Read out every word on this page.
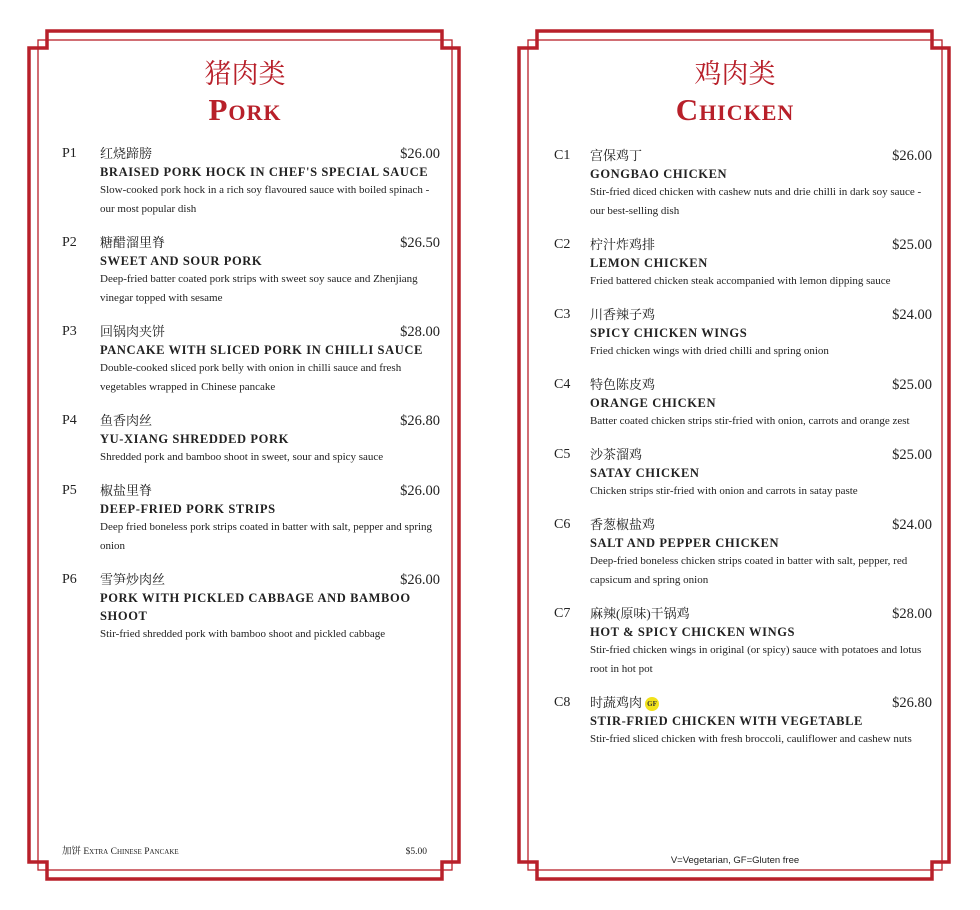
猪肉类
Pork
P1	红烧蹄膀	$26.00
BRAISED PORK HOCK IN CHEF'S SPECIAL SAUCE
Slow-cooked pork hock in a rich soy flavoured sauce with boiled spinach - our most popular dish
P2	糖醋溜里脊	$26.50
SWEET AND SOUR PORK
Deep-fried batter coated pork strips with sweet soy sauce and Zhenjiang vinegar topped with sesame
P3	回锅肉夹饼	$28.00
PANCAKE WITH SLICED PORK IN CHILLI SAUCE
Double-cooked sliced pork belly with onion in chilli sauce and fresh vegetables wrapped in Chinese pancake
P4	鱼香肉丝	$26.80
YU-XIANG SHREDDED PORK
Shredded pork and bamboo shoot in sweet, sour and spicy sauce
P5	椒盐里脊	$26.00
DEEP-FRIED PORK STRIPS
Deep fried boneless pork strips coated in batter with salt, pepper and spring onion
P6	雪笋炒肉丝	$26.00
PORK WITH PICKLED CABBAGE AND BAMBOO SHOOT
Stir-fried shredded pork with bamboo shoot and pickled cabbage
加饼 Extra Chinese Pancake	$5.00
鸡肉类
Chicken
C1	宫保鸡丁	$26.00
GONGBAO CHICKEN
Stir-fried diced chicken with cashew nuts and drie chilli in dark soy sauce - our best-selling dish
C2	柠汁炸鸡排	$25.00
LEMON CHICKEN
Fried battered chicken steak accompanied with lemon dipping sauce
C3	川香辣子鸡	$24.00
SPICY CHICKEN WINGS
Fried chicken wings with dried chilli and spring onion
C4	特色陈皮鸡	$25.00
ORANGE CHICKEN
Batter coated chicken strips stir-fried with onion, carrots and orange zest
C5	沙茶溜鸡	$25.00
SATAY CHICKEN
Chicken strips stir-fried with onion and carrots in satay paste
C6	香葱椒盐鸡	$24.00
SALT AND PEPPER CHICKEN
Deep-fried boneless chicken strips coated in batter with salt, pepper, red capsicum and spring onion
C7	麻辣(原味)干锅鸡	$28.00
HOT & SPICY CHICKEN WINGS
Stir-fried chicken wings in original (or spicy) sauce with potatoes and lotus root in hot pot
C8	时蔬鸡肉 GF	$26.80
STIR-FRIED CHICKEN WITH VEGETABLE
Stir-fried sliced chicken with fresh broccoli, cauliflower and cashew nuts
V=Vegetarian, GF=Gluten free
